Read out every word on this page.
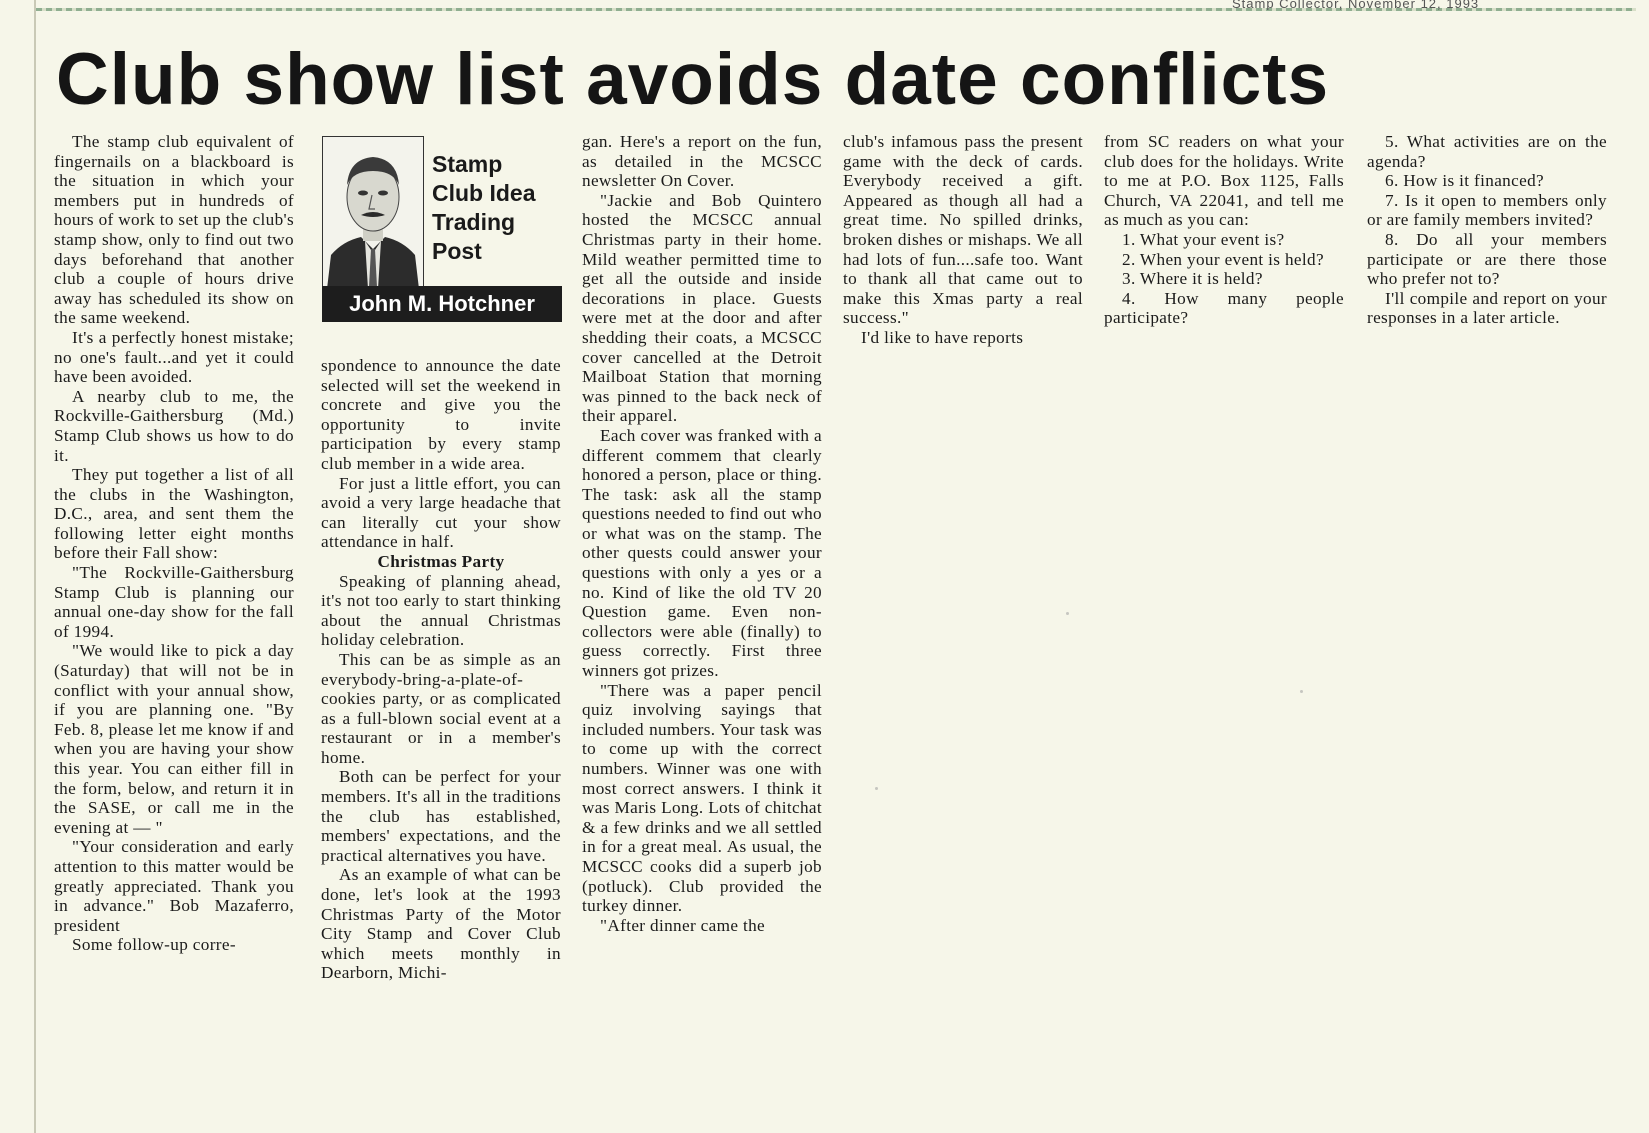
Stamp Collector, November 12, 1993
Club show list avoids date conflicts

The stamp club equivalent of fingernails on a blackboard is the situation in which your members put in hundreds of hours of work to set up the club's stamp show, only to find out two days beforehand that another club a couple of hours drive away has scheduled its show on the same weekend.

It's a perfectly honest mistake; no one's fault...and yet it could have been avoided.

A nearby club to me, the Rockville-Gaithersburg (Md.) Stamp Club shows us how to do it.

They put together a list of all the clubs in the Washington, D.C., area, and sent them the following letter eight months before their Fall show:

"The Rockville-Gaithersburg Stamp Club is planning our annual one-day show for the fall of 1994.

"We would like to pick a day (Saturday) that will not be in conflict with your annual show, if you are planning one. "By Feb. 8, please let me know if and when you are having your show this year. You can either fill in the form, below, and return it in the SASE, or call me in the evening at — "

"Your consideration and early attention to this matter would be greatly appreciated. Thank you in advance." Bob Mazaferro, president

Some follow-up corre-

Stamp
Club Idea
Trading
Post
John M. Hotchner

spondence to announce the date selected will set the weekend in concrete and give you the opportunity to invite participation by every stamp club member in a wide area.

For just a little effort, you can avoid a very large headache that can literally cut your show attendance in half.

Christmas Party

Speaking of planning ahead, it's not too early to start thinking about the annual Christmas holiday celebration.

This can be as simple as an everybody-bring-a-plate-of-cookies party, or as complicated as a full-blown social event at a restaurant or in a member's home.

Both can be perfect for your members. It's all in the traditions the club has established, members' expectations, and the practical alternatives you have.

As an example of what can be done, let's look at the 1993 Christmas Party of the Motor City Stamp and Cover Club which meets monthly in Dearborn, Michi-

gan. Here's a report on the fun, as detailed in the MCSCC newsletter On Cover.

"Jackie and Bob Quintero hosted the MCSCC annual Christmas party in their home. Mild weather permitted time to get all the outside and inside decorations in place. Guests were met at the door and after shedding their coats, a MCSCC cover cancelled at the Detroit Mailboat Station that morning was pinned to the back neck of their apparel.

Each cover was franked with a different commem that clearly honored a person, place or thing. The task: ask all the stamp questions needed to find out who or what was on the stamp. The other quests could answer your questions with only a yes or a no. Kind of like the old TV 20 Question game. Even non-collectors were able (finally) to guess correctly. First three winners got prizes.

"There was a paper pencil quiz involving sayings that included numbers. Your task was to come up with the correct numbers. Winner was one with most correct answers. I think it was Maris Long. Lots of chitchat & a few drinks and we all settled in for a great meal. As usual, the MCSCC cooks did a superb job (potluck). Club provided the turkey dinner.

"After dinner came the

club's infamous pass the present game with the deck of cards. Everybody received a gift. Appeared as though all had a great time. No spilled drinks, broken dishes or mishaps. We all had lots of fun....safe too. Want to thank all that came out to make this Xmas party a real success."

I'd like to have reports

from SC readers on what your club does for the holidays. Write to me at P.O. Box 1125, Falls Church, VA 22041, and tell me as much as you can:

1. What your event is?

2. When your event is held?

3. Where it is held?

4. How many people participate?

5. What activities are on the agenda?

6. How is it financed?

7. Is it open to members only or are family members invited?

8. Do all your members participate or are there those who prefer not to?

I'll compile and report on your responses in a later article.
